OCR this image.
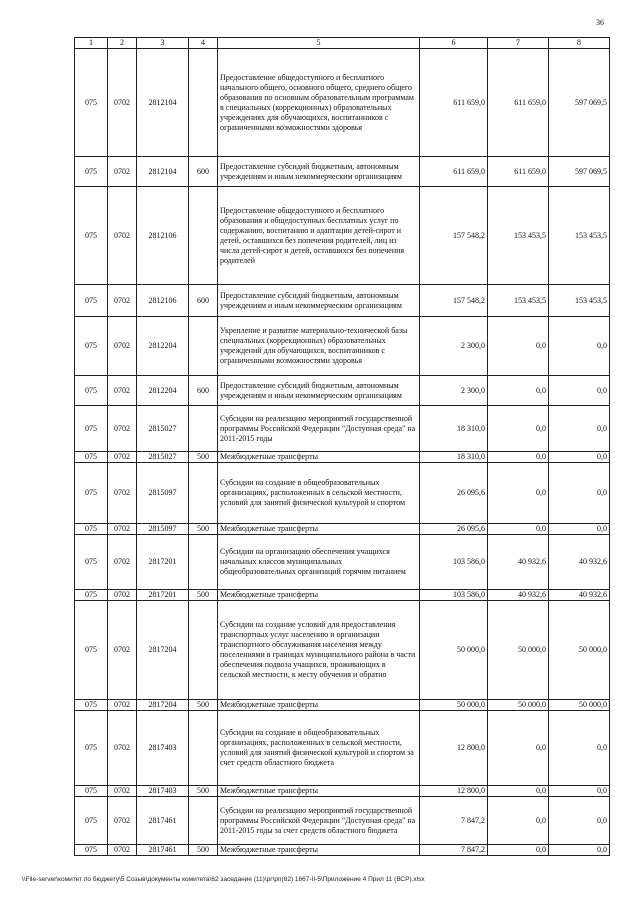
36
1	2	3	4	5	6	7	8
075	0702	2812104		Предоставление общедоступного и бесплатного начального общего, основного общего, среднего общего образования по основным образовательным программам в специальных (коррекционных) образовательных учреждениях для обучающихся, воспитанников с ограниченными возможностями здоровья	611 659,0	611 659,0	597 069,5
075	0702	2812104	600	Предоставление субсидий бюджетным, автономным учреждениям и иным некоммерческим организациям	611 659,0	611 659,0	597 069,5
075	0702	2812106		Предоставление общедоступного и бесплатного образования и общедоступных бесплатных услуг по содержанию, воспитанию и адаптации детей-сирот и детей, оставшихся без попечения родителей, лиц из числа детей-сирот и детей, оставшихся без попечения родителей	157 548,2	153 453,5	153 453,5
075	0702	2812106	600	Предоставление субсидий бюджетным, автономным учреждениям и иным некоммерческим организациям	157 548,2	153 453,5	153 453,5
075	0702	2812204		Укрепление и развитие материально-технической базы специальных (коррекционных) образовательных учреждений для обучающихся, воспитанников с ограниченными возможностями здоровья	2 300,0	0,0	0,0
075	0702	2812204	600	Предоставление субсидий бюджетным, автономным учреждениям и иным некоммерческим организациям	2 300,0	0,0	0,0
075	0702	2815027		Субсидии на реализацию мероприятий государственной программы Российской Федерации "Доступная среда" на 2011-2015 годы	18 310,0	0,0	0,0
075	0702	2815027	500	Межбюджетные трансферты	18 310,0	0,0	0,0
075	0702	2815097		Субсидии на создание в общеобразовательных организациях, расположенных в сельской местности, условий для занятий физической культурой и спортом	26 095,6	0,0	0,0
075	0702	2815097	500	Межбюджетные трансферты	26 095,6	0,0	0,0
075	0702	2817201		Субсидии на организацию обеспечения учащихся начальных классов муниципальных общеобразовательных организаций горячим питанием	103 586,0	40 932,6	40 932,6
075	0702	2817201	500	Межбюджетные трансферты	103 586,0	40 932,6	40 932,6
075	0702	2817204		Субсидии на создание условий для предоставления транспортных услуг населению и организации транспортного обслуживания населения между поселениями в границах муниципального района в части обеспечения подвоза учащихся, проживающих в сельской местности, к месту обучения и обратно	50 000,0	50 000,0	50 000,0
075	0702	2817204	500	Межбюджетные трансферты	50 000,0	50 000,0	50 000,0
075	0702	2817403		Субсидии на создание в общеобразовательных организациях, расположенных в сельской местности, условий для занятий физической культурой и спортом за счет средств областного бюджета	12 800,0	0,0	0,0
075	0702	2817403	500	Межбюджетные трансферты	12 800,0	0,0	0,0
075	0702	2817461		Субсидии на реализацию мероприятий государственной программы Российской Федерации "Доступная среда" на 2011-2015 годы за счет средств областного бюджета	7 847,2	0,0	0,0
075	0702	2817461	500	Межбюджетные трансферты	7 847,2	0,0	0,0
\\File-server\комитет по бюджету\5 Созыв\документы комитета\62 заседание (11)\рг\рп(62) 1667-II-5\Приложение 4 Прил 11 (ВСР).xlsx
